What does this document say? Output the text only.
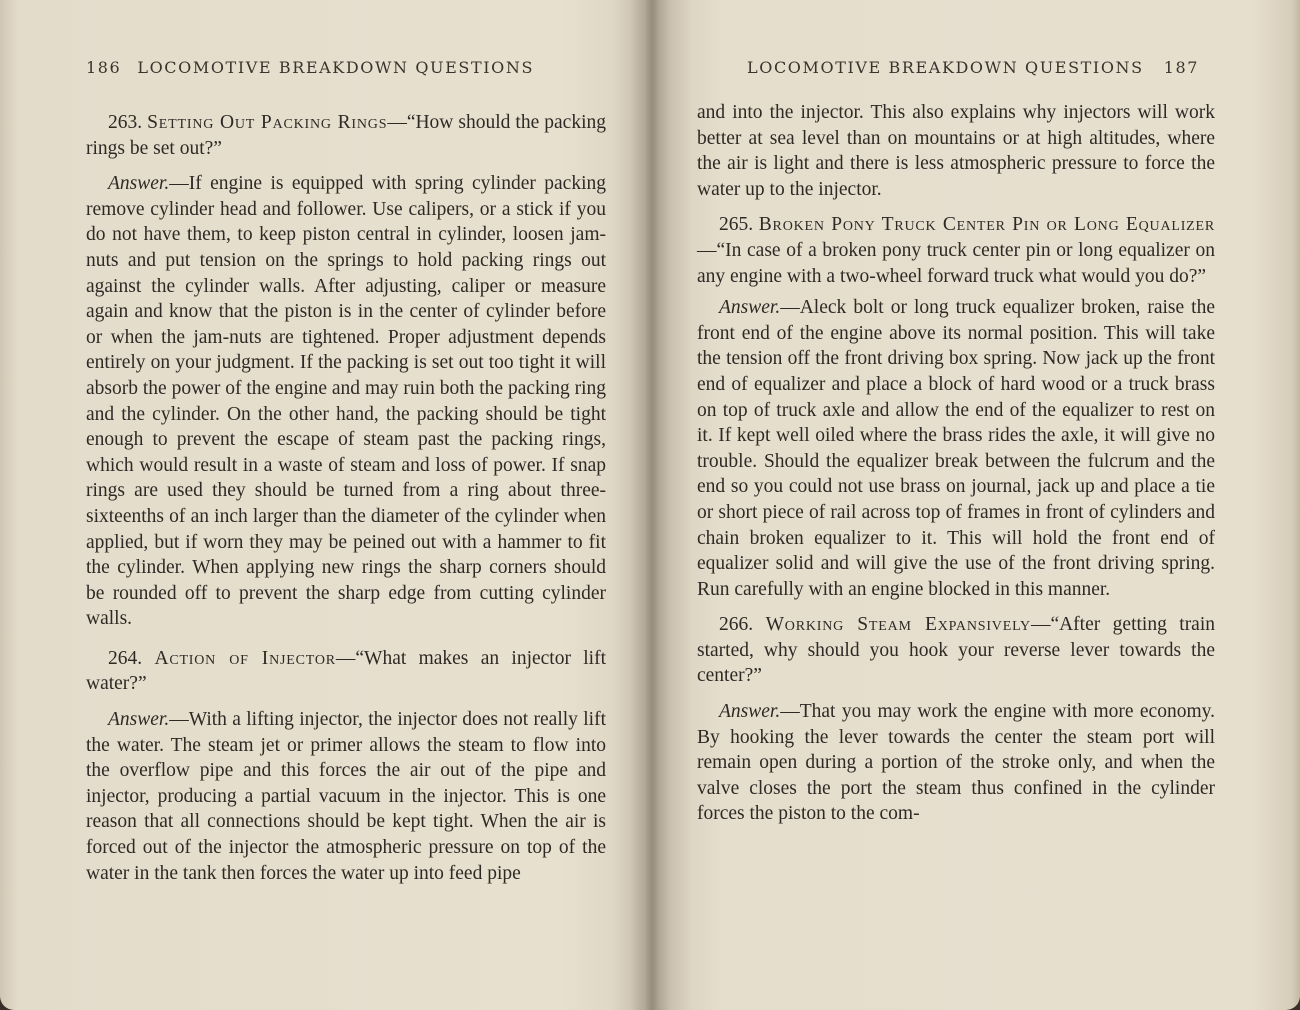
186 LOCOMOTIVE BREAKDOWN QUESTIONS

263. Setting Out Packing Rings—“How should the packing rings be set out?”

Answer.—If engine is equipped with spring cylinder packing remove cylinder head and follower. Use calipers, or a stick if you do not have them, to keep piston central in cylinder, loosen jam-nuts and put tension on the springs to hold packing rings out against the cylinder walls. After adjusting, caliper or measure again and know that the piston is in the center of cylinder before or when the jam-nuts are tightened. Proper adjustment depends entirely on your judgment. If the packing is set out too tight it will absorb the power of the engine and may ruin both the packing ring and the cylinder. On the other hand, the packing should be tight enough to prevent the escape of steam past the packing rings, which would result in a waste of steam and loss of power. If snap rings are used they should be turned from a ring about three-sixteenths of an inch larger than the diameter of the cylinder when applied, but if worn they may be peined out with a hammer to fit the cylinder. When applying new rings the sharp corners should be rounded off to prevent the sharp edge from cutting cylinder walls.

264. Action of Injector—“What makes an injector lift water?”

Answer.—With a lifting injector, the injector does not really lift the water. The steam jet or primer allows the steam to flow into the overflow pipe and this forces the air out of the pipe and injector, producing a partial vacuum in the injector. This is one reason that all connections should be kept tight. When the air is forced out of the injector the atmospheric pressure on top of the water in the tank then forces the water up into feed pipe

LOCOMOTIVE BREAKDOWN QUESTIONS 187

and into the injector. This also explains why injectors will work better at sea level than on mountains or at high altitudes, where the air is light and there is less atmospheric pressure to force the water up to the injector.

265. Broken Pony Truck Center Pin or Long Equalizer—“In case of a broken pony truck center pin or long equalizer on any engine with a two-wheel forward truck what would you do?”

Answer.—Aleck bolt or long truck equalizer broken, raise the front end of the engine above its normal position. This will take the tension off the front driving box spring. Now jack up the front end of equalizer and place a block of hard wood or a truck brass on top of truck axle and allow the end of the equalizer to rest on it. If kept well oiled where the brass rides the axle, it will give no trouble. Should the equalizer break between the fulcrum and the end so you could not use brass on journal, jack up and place a tie or short piece of rail across top of frames in front of cylinders and chain broken equalizer to it. This will hold the front end of equalizer solid and will give the use of the front driving spring. Run carefully with an engine blocked in this manner.

266. Working Steam Expansively—“After getting train started, why should you hook your reverse lever towards the center?”

Answer.—That you may work the engine with more economy. By hooking the lever towards the center the steam port will remain open during a portion of the stroke only, and when the valve closes the port the steam thus confined in the cylinder forces the piston to the com-
